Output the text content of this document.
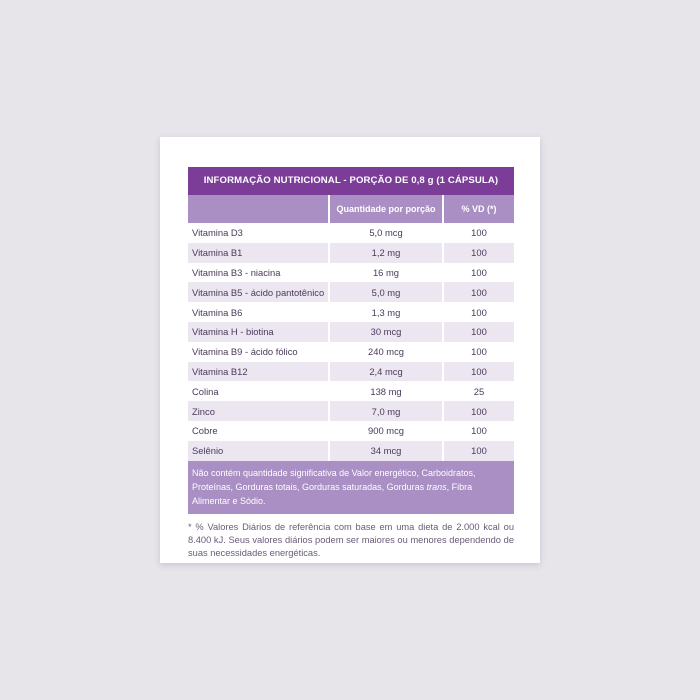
INFORMAÇÃO NUTRICIONAL - PORÇÃO DE 0,8 g (1 CÁPSULA)
	Quantidade por porção	% VD (*)
Vitamina D3	5,0 mcg	100
Vitamina B1	1,2 mg	100
Vitamina B3 - niacina	16 mg	100
Vitamina B5 - ácido pantotênico	5,0 mg	100
Vitamina B6	1,3 mg	100
Vitamina H - biotina	30 mcg	100
Vitamina B9 - ácido fólico	240 mcg	100
Vitamina B12	2,4 mcg	100
Colina	138 mg	25
Zinco	7,0 mg	100
Cobre	900 mcg	100
Selênio	34 mcg	100
Não contém quantidade significativa de Valor energético, Carboidratos, Proteínas, Gorduras totais, Gorduras saturadas, Gorduras trans, Fibra Alimentar e Sódio.
* % Valores Diários de referência com base em uma dieta de 2.000 kcal ou 8.400 kJ. Seus valores diários podem ser maiores ou menores dependendo de suas necessidades energéticas.
